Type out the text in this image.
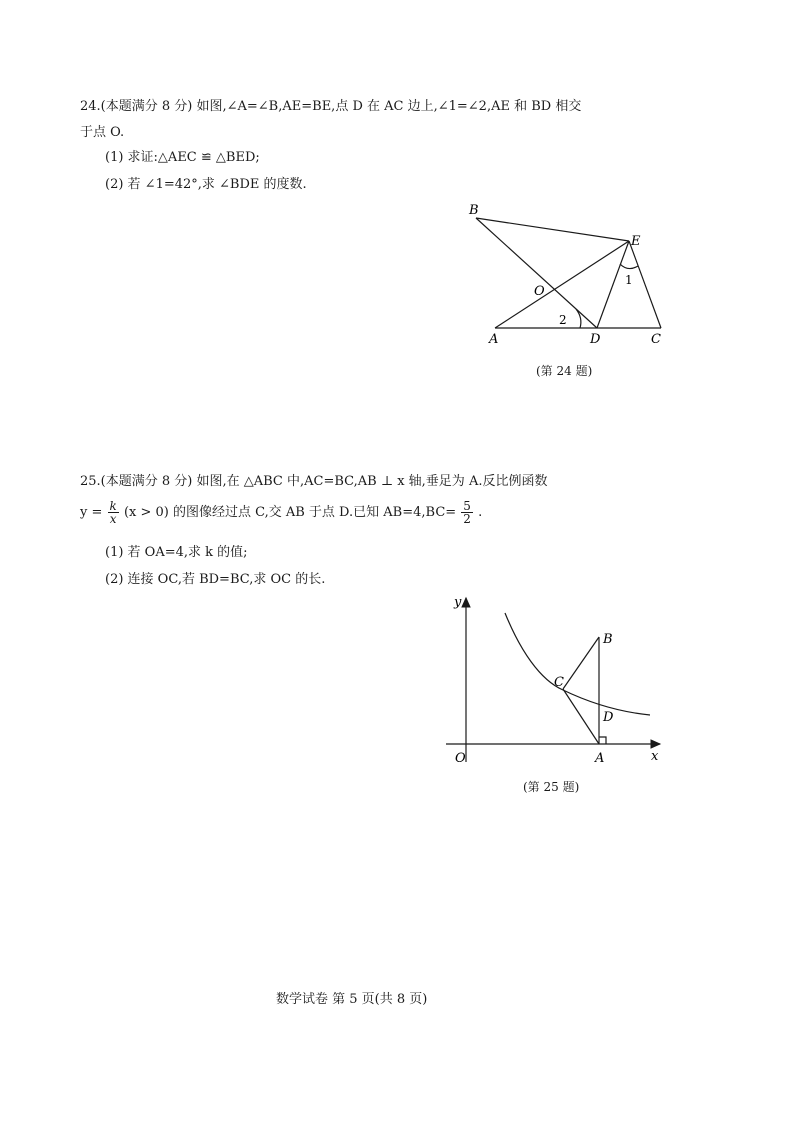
24.(本题满分 8 分) 如图,∠A=∠B,AE=BE,点 D 在 AC 边上,∠1=∠2,AE 和 BD 相交
于点 O.
(1) 求证:△AEC ≌ △BED;
(2) 若 ∠1=42°,求 ∠BDE 的度数.
B
E
O
A	D	C
1
2
(第 24 题)
25.(本题满分 8 分) 如图,在 △ABC 中,AC=BC,AB ⊥ x 轴,垂足为 A.反比例函数
$y = \frac{k}{x} (x > 0)$ 的图像经过点 C,交 AB 于点 D.已知 $AB=4,BC= \frac{5}{2}$ .
(1) 若 OA=4,求 k 的值;
(2) 连接 OC,若 BD=BC,求 OC 的长.
y
x
O	A
B
C
D
(第 25 题)
数学试卷 第 5 页(共 8 页)
